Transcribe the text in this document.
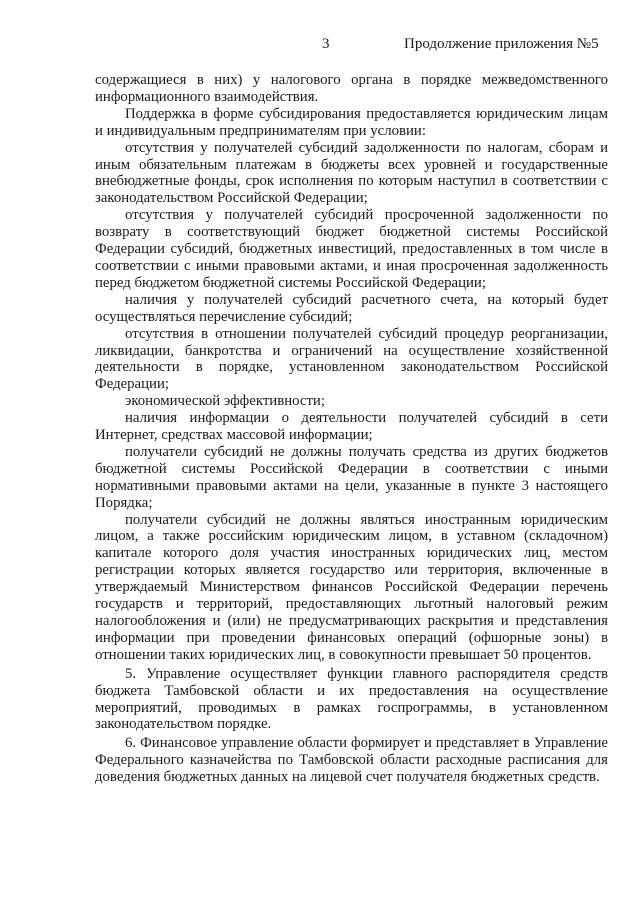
3	Продолжение приложения №5

содержащиеся в них) у налогового органа в порядке межведомственного информационного взаимодействия.

Поддержка в форме субсидирования предоставляется юридическим лицам и индивидуальным предпринимателям при условии:

отсутствия у получателей субсидий задолженности по налогам, сборам и иным обязательным платежам в бюджеты всех уровней и государственные внебюджетные фонды, срок исполнения по которым наступил в соответствии с законодательством Российской Федерации;

отсутствия у получателей субсидий просроченной задолженности по возврату в соответствующий бюджет бюджетной системы Российской Федерации субсидий, бюджетных инвестиций, предоставленных в том числе в соответствии с иными правовыми актами, и иная просроченная задолженность перед бюджетом бюджетной системы Российской Федерации;

наличия у получателей субсидий расчетного счета, на который будет осуществляться перечисление субсидий;

отсутствия в отношении получателей субсидий процедур реорганизации, ликвидации, банкротства и ограничений на осуществление хозяйственной деятельности в порядке, установленном законодательством Российской Федерации;

экономической эффективности;

наличия информации о деятельности получателей субсидий в сети Интернет, средствах массовой информации;

получатели субсидий не должны получать средства из других бюджетов бюджетной системы Российской Федерации в соответствии с иными нормативными правовыми актами на цели, указанные в пункте 3 настоящего Порядка;

получатели субсидий не должны являться иностранным юридическим лицом, а также российским юридическим лицом, в уставном (складочном) капитале которого доля участия иностранных юридических лиц, местом регистрации которых является государство или территория, включенные в утверждаемый Министерством финансов Российской Федерации перечень государств и территорий, предоставляющих льготный налоговый режим налогообложения и (или) не предусматривающих раскрытия и представления информации при проведении финансовых операций (офшорные зоны) в отношении таких юридических лиц, в совокупности превышает 50 процентов.

5. Управление осуществляет функции главного распорядителя средств бюджета Тамбовской области и их предоставления на осуществление мероприятий, проводимых в рамках госпрограммы, в установленном законодательством порядке.

6. Финансовое управление области формирует и представляет в Управление Федерального казначейства по Тамбовской области расходные расписания для доведения бюджетных данных на лицевой счет получателя бюджетных средств.
